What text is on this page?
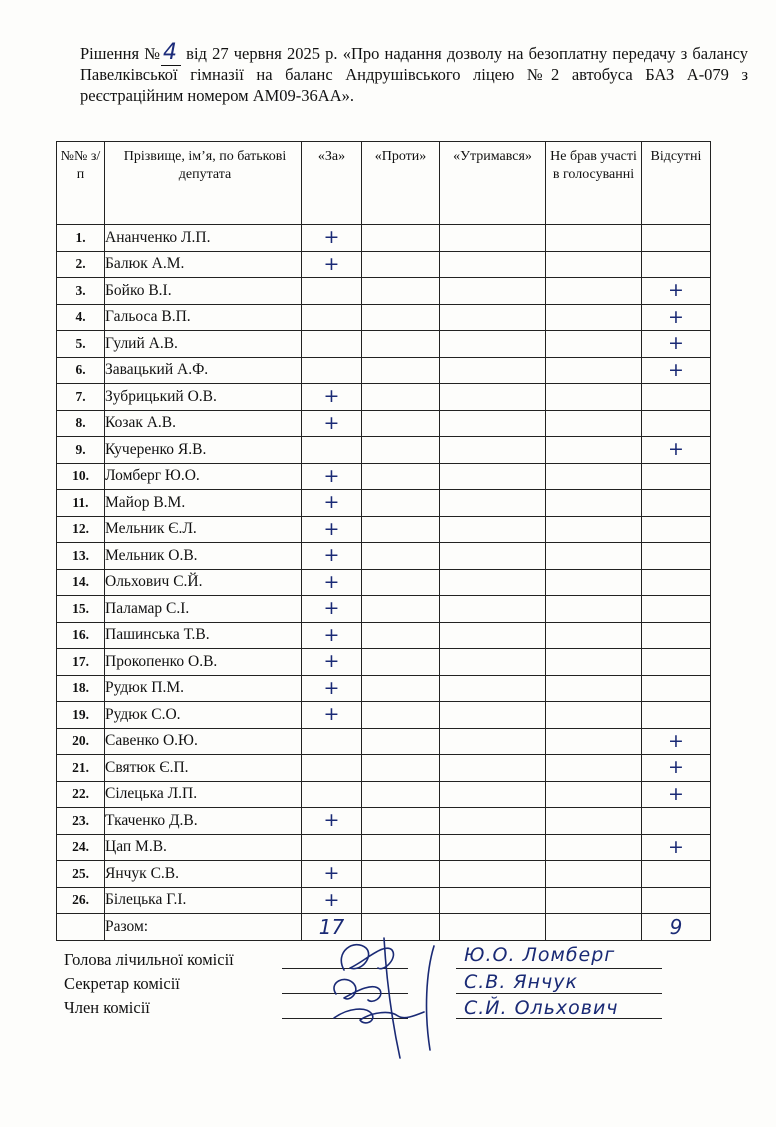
Рішення №4 від 27 червня 2025 р. «Про надання дозволу на безоплатну передачу з балансу Павелківської гімназії на баланс Андрушівського ліцею №2 автобуса БАЗ А-079 з реєстраційним номером АМ09-36АА».
№№ з/п	Прізвище, ім’я, по батькові депутата	«За»	«Проти»	«Утримався»	Не брав участі в голосуванні	Відсутні
1.	Ананченко Л.П.	+				
2.	Балюк А.М.	+				
3.	Бойко В.І.					+
4.	Гальоса В.П.					+
5.	Гулий А.В.					+
6.	Завацький А.Ф.					+
7.	Зубрицький О.В.	+				
8.	Козак А.В.	+				
9.	Кучеренко Я.В.					+
10.	Ломберг Ю.О.	+				
11.	Майор В.М.	+				
12.	Мельник Є.Л.	+				
13.	Мельник О.В.	+				
14.	Ольхович С.Й.	+				
15.	Паламар С.І.	+				
16.	Пашинська Т.В.	+				
17.	Прокопенко О.В.	+				
18.	Рудюк П.М.	+				
19.	Рудюк С.О.	+				
20.	Савенко О.Ю.					+
21.	Святюк Є.П.					+
22.	Сілецька Л.П.					+
23.	Ткаченко Д.В.	+				
24.	Цап М.В.					+
25.	Янчук С.В.	+				
26.	Білецька Г.І.	+				
	Разом:	17				9
Голова лічильної комісії	Ю.О. Ломберг
Секретар комісії	С.В. Янчук
Член комісії	С.Й. Ольхович
